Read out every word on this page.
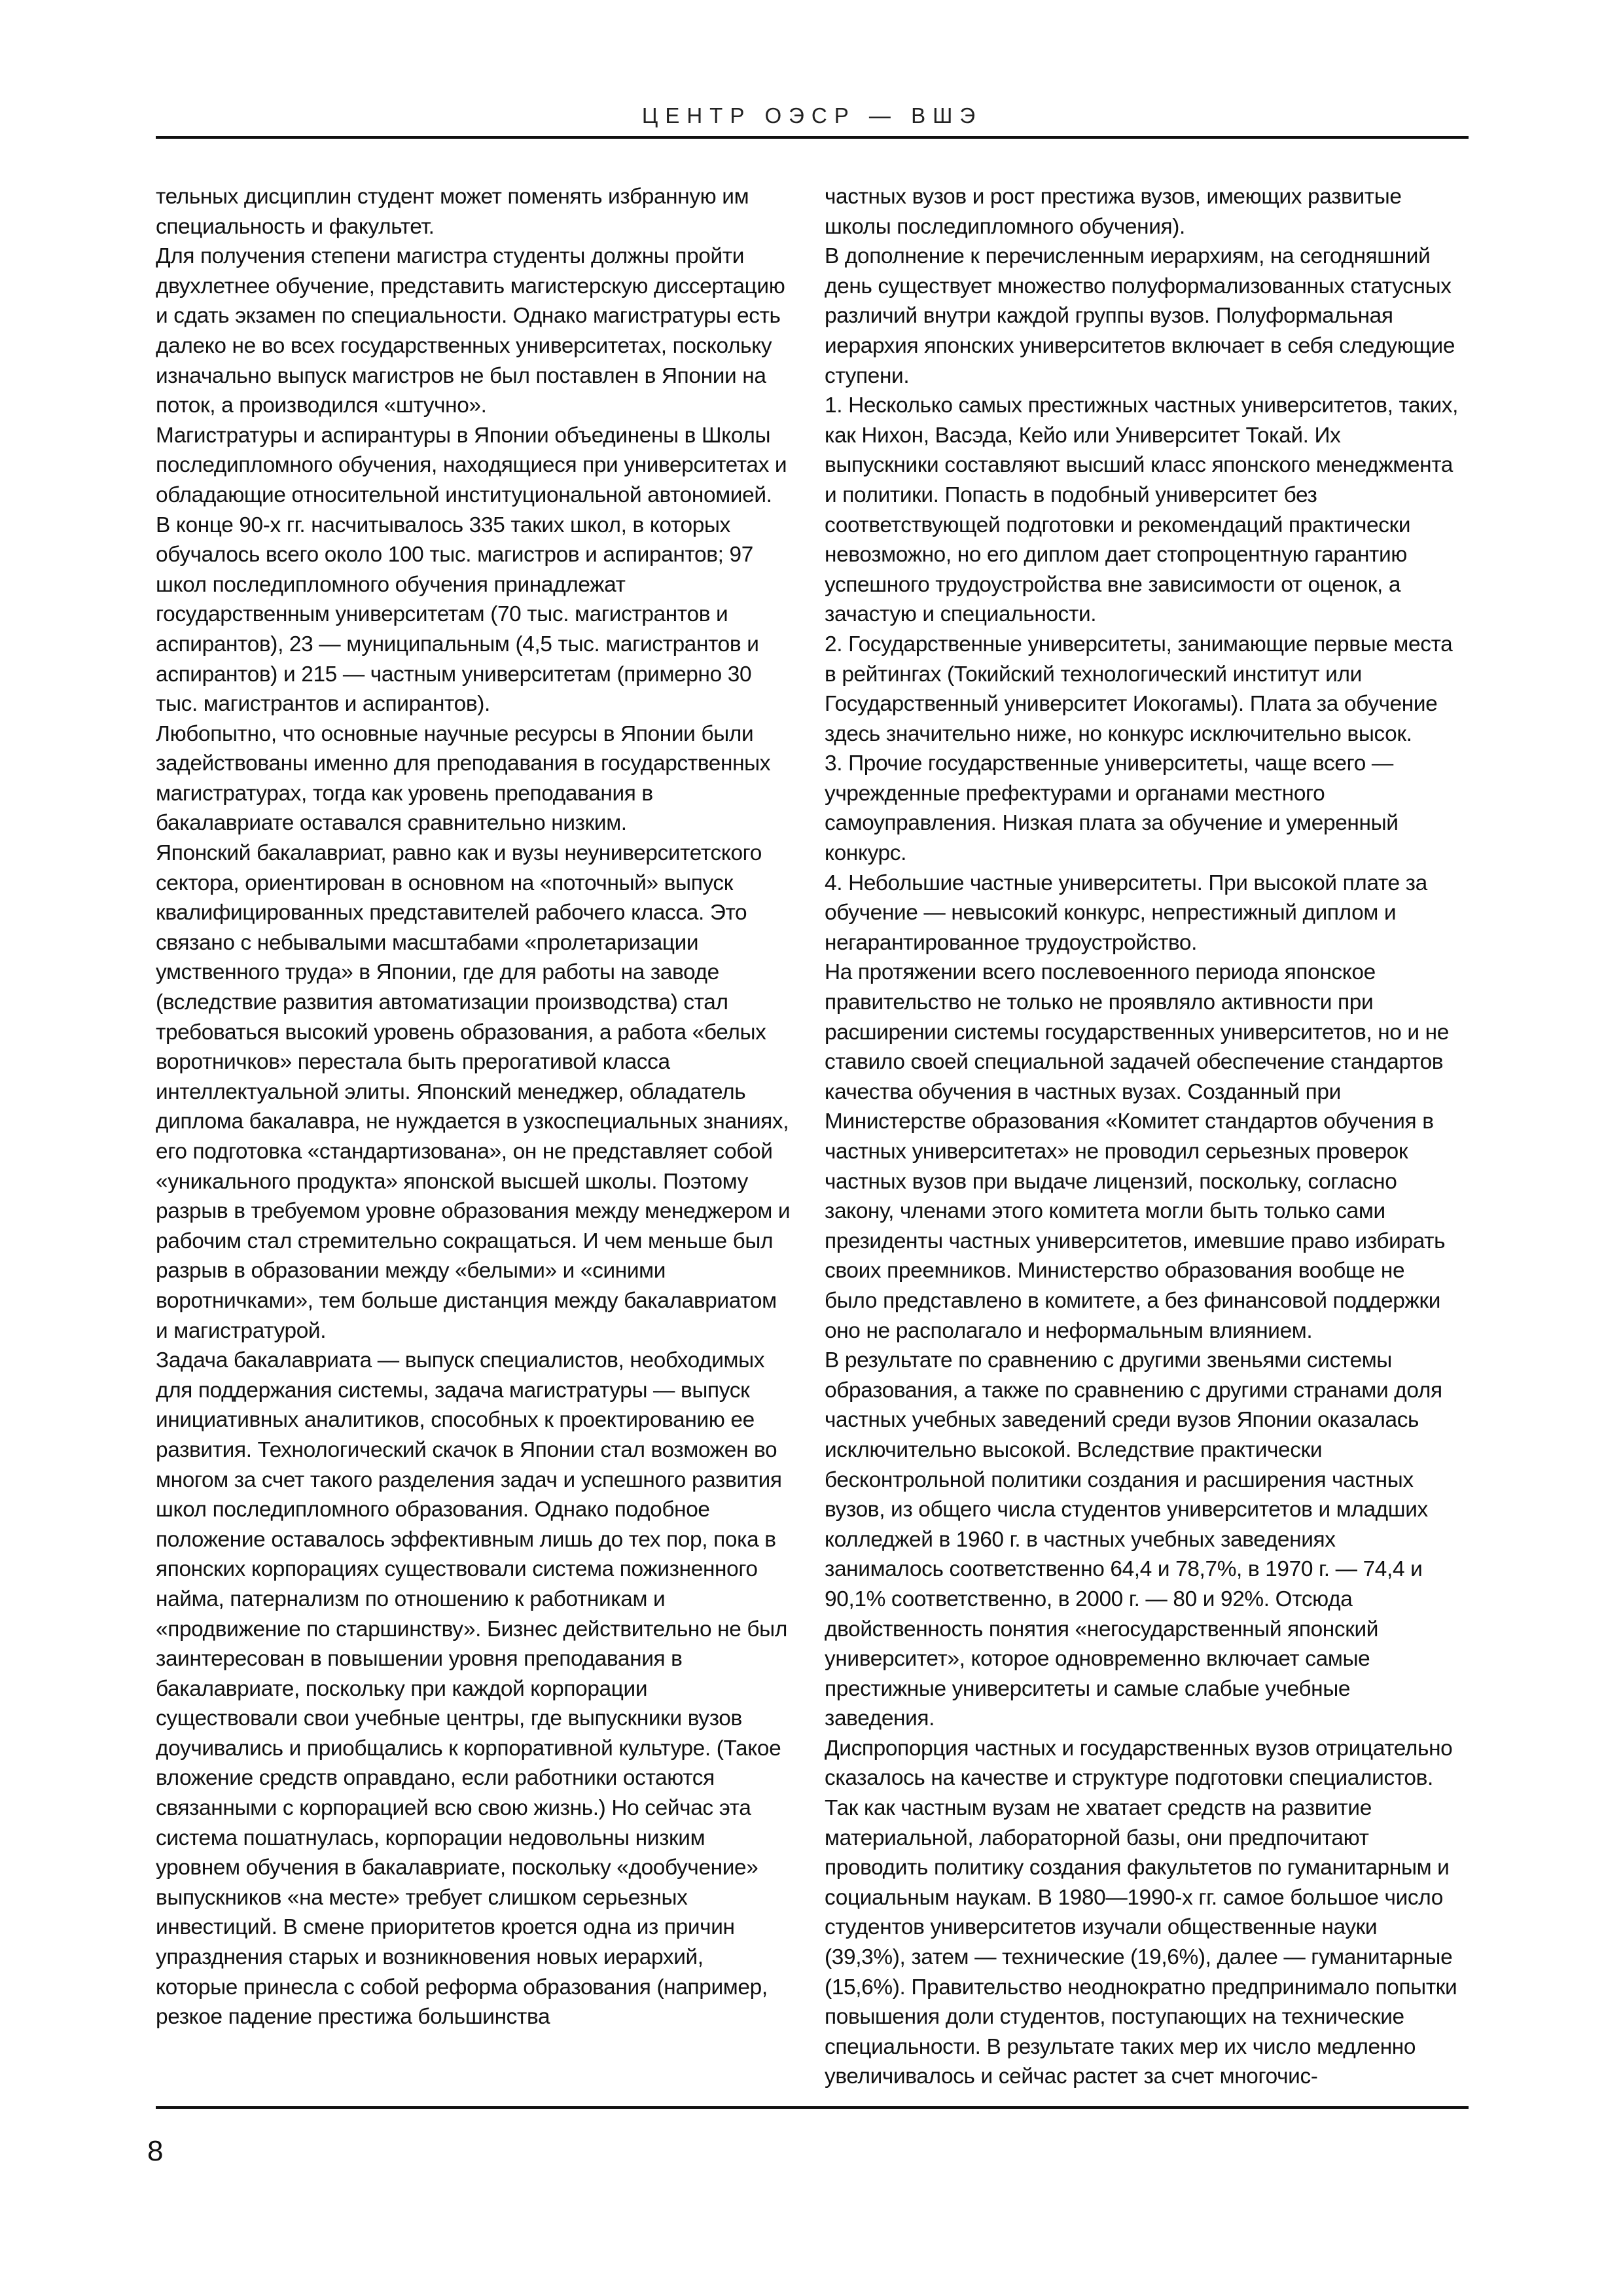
ЦЕНТР ОЭСР — ВШЭ

тельных дисциплин студент может поменять избранную им специальность и факультет.

Для получения степени магистра студенты должны пройти двухлетнее обучение, представить магистерскую диссертацию и сдать экзамен по специальности. Однако магистратуры есть далеко не во всех государственных университетах, поскольку изначально выпуск магистров не был поставлен в Японии на поток, а производился «штучно».

Магистратуры и аспирантуры в Японии объединены в Школы последипломного обучения, находящиеся при университетах и обладающие относительной институциональной автономией. В конце 90-х гг. насчитывалось 335 таких школ, в которых обучалось всего около 100 тыс. магистров и аспирантов; 97 школ последипломного обучения принадлежат государственным университетам (70 тыс. магистрантов и аспирантов), 23 — муниципальным (4,5 тыс. магистрантов и аспирантов) и 215 — частным университетам (примерно 30 тыс. магистрантов и аспирантов).

Любопытно, что основные научные ресурсы в Японии были задействованы именно для преподавания в государственных магистратурах, тогда как уровень преподавания в бакалавриате оставался сравнительно низким.

Японский бакалавриат, равно как и вузы неуниверситетского сектора, ориентирован в основном на «поточный» выпуск квалифицированных представителей рабочего класса. Это связано с небывалыми масштабами «пролетаризации умственного труда» в Японии, где для работы на заводе (вследствие развития автоматизации производства) стал требоваться высокий уровень образования, а работа «белых воротничков» перестала быть прерогативой класса интеллектуальной элиты. Японский менеджер, обладатель диплома бакалавра, не нуждается в узкоспециальных знаниях, его подготовка «стандартизована», он не представляет собой «уникального продукта» японской высшей школы. Поэтому разрыв в требуемом уровне образования между менеджером и рабочим стал стремительно сокращаться. И чем меньше был разрыв в образовании между «белыми» и «синими воротничками», тем больше дистанция между бакалавриатом и магистратурой.

Задача бакалавриата — выпуск специалистов, необходимых для поддержания системы, задача магистратуры — выпуск инициативных аналитиков, способных к проектированию ее развития. Технологический скачок в Японии стал возможен во многом за счет такого разделения задач и успешного развития школ последипломного образования. Однако подобное положение оставалось эффективным лишь до тех пор, пока в японских корпорациях существовали система пожизненного найма, патернализм по отношению к работникам и «продвижение по старшинству». Бизнес действительно не был заинтересован в повышении уровня преподавания в бакалавриате, поскольку при каждой корпорации существовали свои учебные центры, где выпускники вузов доучивались и приобщались к корпоративной культуре. (Такое вложение средств оправдано, если работники остаются связанными с корпорацией всю свою жизнь.) Но сейчас эта система пошатнулась, корпорации недовольны низким уровнем обучения в бакалавриате, поскольку «дообучение» выпускников «на месте» требует слишком серьезных инвестиций. В смене приоритетов кроется одна из причин упразднения старых и возникновения новых иерархий, которые принесла с собой реформа образования (например, резкое падение престижа большинства

частных вузов и рост престижа вузов, имеющих развитые школы последипломного обучения).

В дополнение к перечисленным иерархиям, на сегодняшний день существует множество полуформализованных статусных различий внутри каждой группы вузов. Полуформальная иерархия японских университетов включает в себя следующие ступени.

1. Несколько самых престижных частных университетов, таких, как Нихон, Васэда, Кейо или Университет Токай. Их выпускники составляют высший класс японского менеджмента и политики. Попасть в подобный университет без соответствующей подготовки и рекомендаций практически невозможно, но его диплом дает стопроцентную гарантию успешного трудоустройства вне зависимости от оценок, а зачастую и специальности.

2. Государственные университеты, занимающие первые места в рейтингах (Токийский технологический институт или Государственный университет Иокогамы). Плата за обучение здесь значительно ниже, но конкурс исключительно высок.

3. Прочие государственные университеты, чаще всего — учрежденные префектурами и органами местного самоуправления. Низкая плата за обучение и умеренный конкурс.

4. Небольшие частные университеты. При высокой плате за обучение — невысокий конкурс, непрестижный диплом и негарантированное трудоустройство.

На протяжении всего послевоенного периода японское правительство не только не проявляло активности при расширении системы государственных университетов, но и не ставило своей специальной задачей обеспечение стандартов качества обучения в частных вузах. Созданный при Министерстве образования «Комитет стандартов обучения в частных университетах» не проводил серьезных проверок частных вузов при выдаче лицензий, поскольку, согласно закону, членами этого комитета могли быть только сами президенты частных университетов, имевшие право избирать своих преемников. Министерство образования вообще не было представлено в комитете, а без финансовой поддержки оно не располагало и неформальным влиянием.

В результате по сравнению с другими звеньями системы образования, а также по сравнению с другими странами доля частных учебных заведений среди вузов Японии оказалась исключительно высокой. Вследствие практически бесконтрольной политики создания и расширения частных вузов, из общего числа студентов университетов и младших колледжей в 1960 г. в частных учебных заведениях занималось соответственно 64,4 и 78,7%, в 1970 г. — 74,4 и 90,1% соответственно, в 2000 г. — 80 и 92%. Отсюда двойственность понятия «негосударственный японский университет», которое одновременно включает самые престижные университеты и самые слабые учебные заведения.

Диспропорция частных и государственных вузов отрицательно сказалось на качестве и структуре подготовки специалистов. Так как частным вузам не хватает средств на развитие материальной, лабораторной базы, они предпочитают проводить политику создания факультетов по гуманитарным и социальным наукам. В 1980—1990-х гг. самое большое число студентов университетов изучали общественные науки (39,3%), затем — технические (19,6%), далее — гуманитарные (15,6%). Правительство неоднократно предпринимало попытки повышения доли студентов, поступающих на технические специальности. В результате таких мер их число медленно увеличивалось и сейчас растет за счет многочис-

8
